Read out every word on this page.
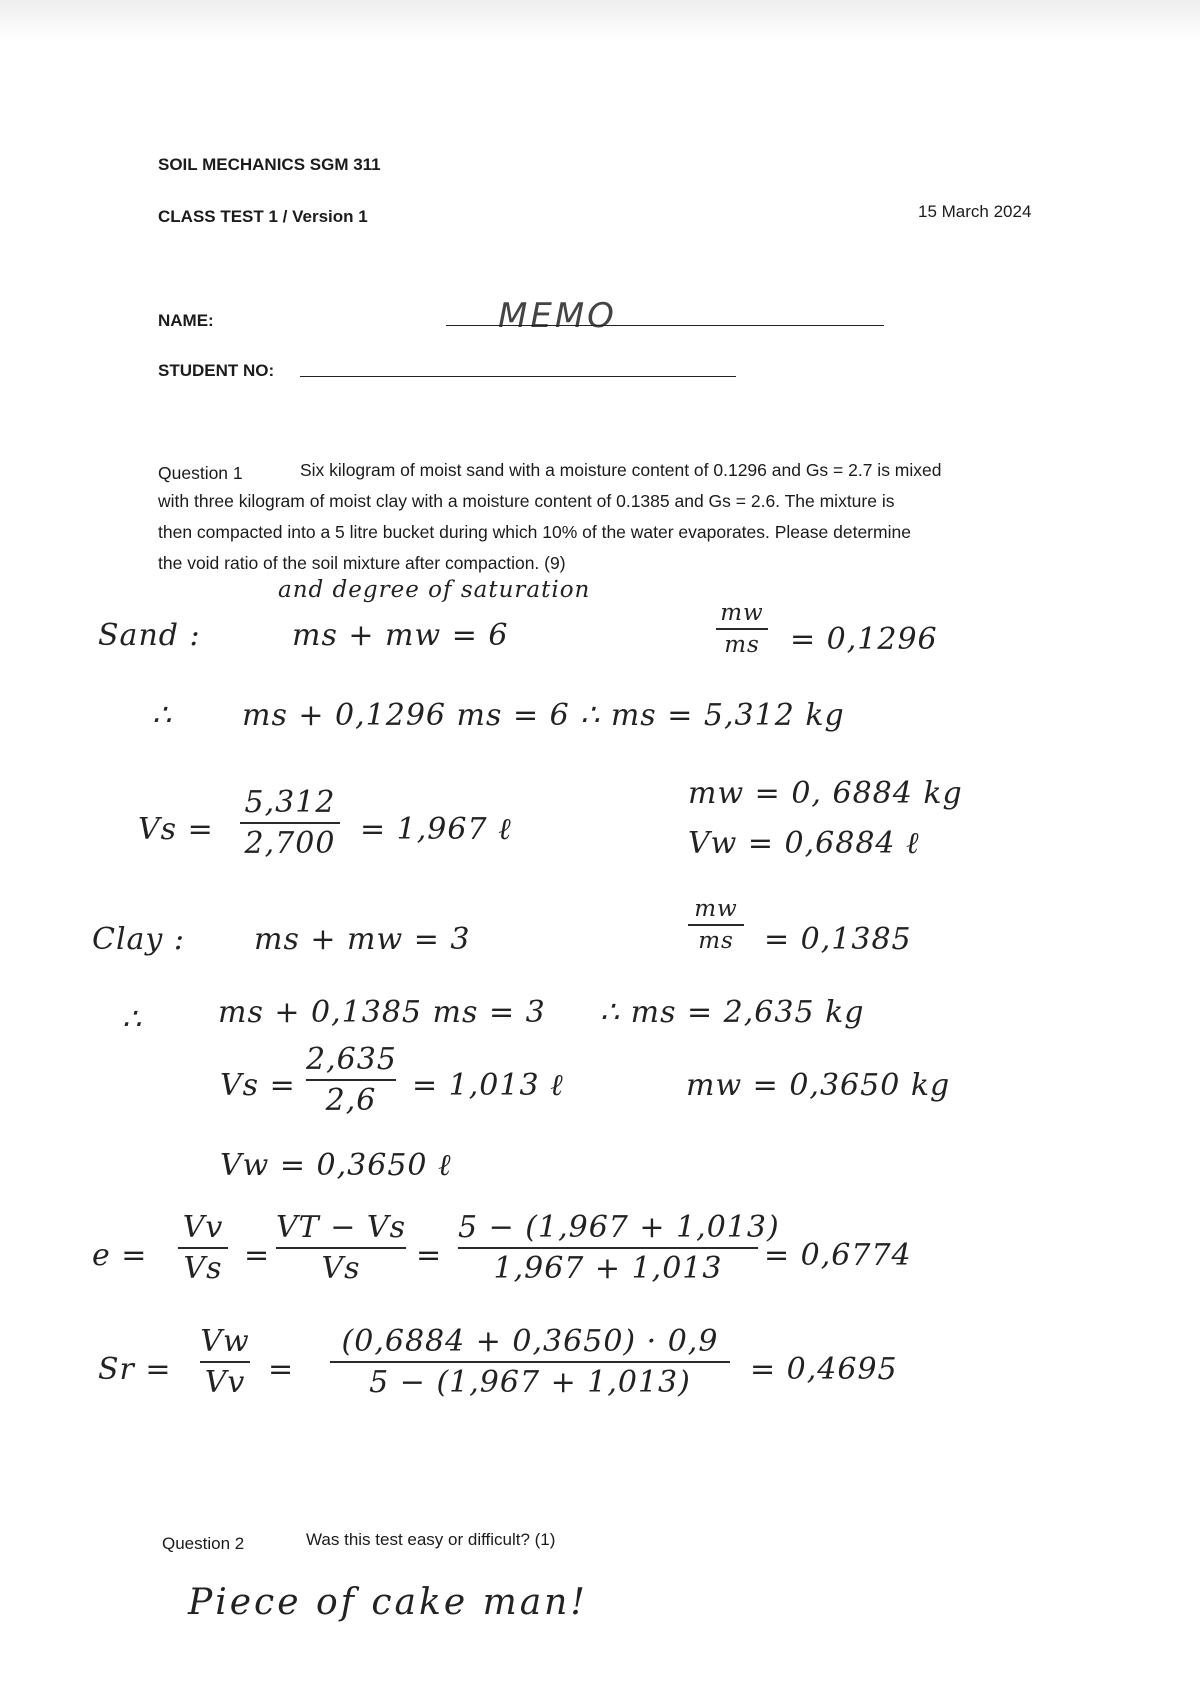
SOIL MECHANICS SGM 311
CLASS TEST 1 / Version 1	15 March 2024
NAME:	MEMO
STUDENT NO:
Question 1	Six kilogram of moist sand with a moisture content of 0.1296 and Gs = 2.7 is mixed
with three kilogram of moist clay with a moisture content of 0.1385 and Gs = 2.6. The mixture is
then compacted into a 5 litre bucket during which 10% of the water evaporates. Please determine
the void ratio of the soil mixture after compaction. (9)
and degree of saturation
Sand :	ms + mw = 6
mw
ms = 0,1296
∴ ms + 0,1296 ms = 6 ∴ ms = 5,312 kg
Vs =
5,312
2,700 = 1,967 ℓ
mw = 0, 6884 kg
Vw = 0,6884 ℓ
Clay : ms + mw = 3
mw
ms	= 0,1385
∴	ms + 0,1385 ms = 3 ∴ ms = 2,635 kg
Vs =
2,635
2,6	= 1,013 ℓ	mw = 0,3650 kg
Vw = 0,3650 ℓ
e =
Vv
Vs =
VT − Vs
Vs	=
5 − (1,967 + 1,013)
1,967 + 1,013	= 0,6774
Sr =
Vw
Vv =
(0,6884 + 0,3650) · 0,9
5 − (1,967 + 1,013)	= 0,4695
Question 2	Was this test easy or difficult? (1)
Piece of cake man!
